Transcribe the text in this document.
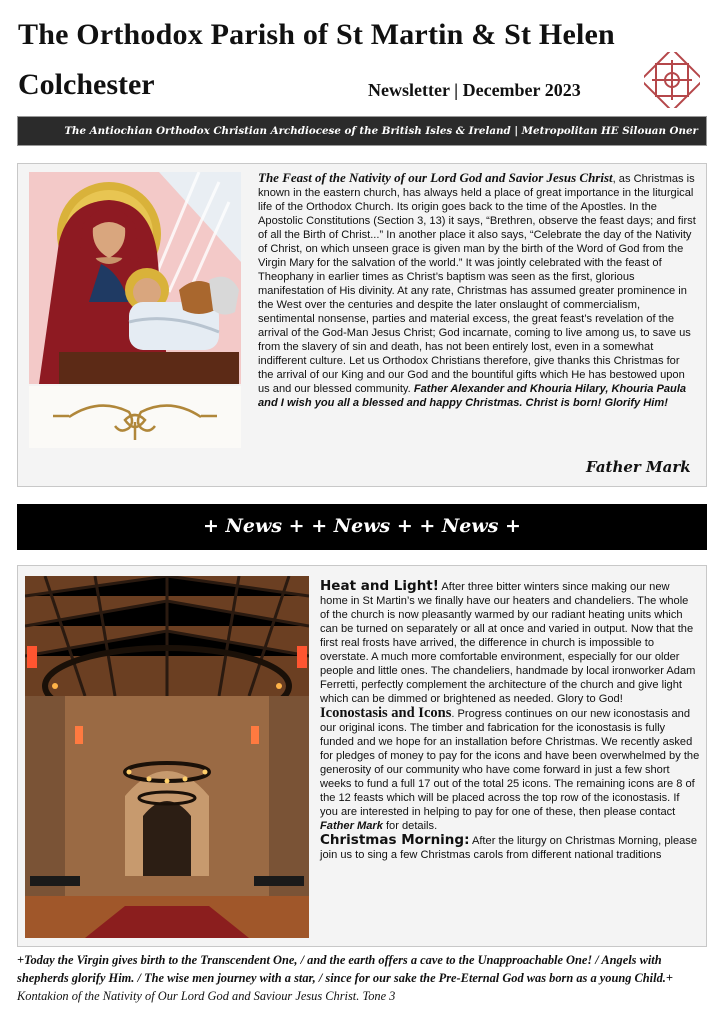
The Orthodox Parish of St Martin & St Helen
Colchester	Newsletter | December 2023
The Antiochian Orthodox Christian Archdiocese of the British Isles & Ireland | Metropolitan HE Silouan Oner
The Feast of the Nativity of our Lord God and Savior Jesus Christ, as Christmas is known in the eastern church, has always held a place of great importance in the liturgical life of the Orthodox Church. Its origin goes back to the time of the Apostles. In the Apostolic Constitutions (Section 3, 13) it says, “Brethren, observe the feast days; and first of all the Birth of Christ...” In another place it also says, “Celebrate the day of the Nativity of Christ, on which unseen grace is given man by the birth of the Word of God from the Virgin Mary for the salvation of the world.” It was jointly celebrated with the feast of Theophany in earlier times as Christ’s baptism was seen as the first, glorious manifestation of His divinity. At any rate, Christmas has assumed greater prominence in the West over the centuries and despite the later onslaught of commercialism, sentimental nonsense, parties and material excess, the great feast’s revelation of the arrival of the God-Man Jesus Christ; God incarnate, coming to live among us, to save us from the slavery of sin and death, has not been entirely lost, even in a somewhat indifferent culture. Let us Orthodox Christians therefore, give thanks this Christmas for the arrival of our King and our God and the bountiful gifts which He has bestowed upon us and our blessed community. Father Alexander and Khouria Hilary, Khouria Paula and I wish you all a blessed and happy Christmas. Christ is born! Glorify Him!
Father Mark
+ News + + News + + News +
Heat and Light! After three bitter winters since making our new home in St Martin’s we finally have our heaters and chandeliers. The whole of the church is now pleasantly warmed by our radiant heating units which can be turned on separately or all at once and varied in output. Now that the first real frosts have arrived, the difference in church is impossible to overstate. A much more comfortable environment, especially for our older people and little ones. The chandeliers, handmade by local ironworker Adam Ferretti, perfectly complement the architecture of the church and give light which can be dimmed or brightened as needed. Glory to God!
Iconostasis and Icons. Progress continues on our new iconostasis and our original icons. The timber and fabrication for the iconostasis is fully funded and we hope for an installation before Christmas. We recently asked for pledges of money to pay for the icons and have been overwhelmed by the generosity of our community who have come forward in just a few short weeks to fund a full 17 out of the total 25 icons. The remaining icons are 8 of the 12 feasts which will be placed across the top row of the iconostasis. If you are interested in helping to pay for one of these, then please contact Father Mark for details.
Christmas Morning: After the liturgy on Christmas Morning, please join us to sing a few Christmas carols from different national traditions
+Today the Virgin gives birth to the Transcendent One, / and the earth offers a cave to the Unapproachable One! / Angels with shepherds glorify Him. / The wise men journey with a star, / since for our sake the Pre-Eternal God was born as a young Child.+ Kontakion of the Nativity of Our Lord God and Saviour Jesus Christ. Tone 3
